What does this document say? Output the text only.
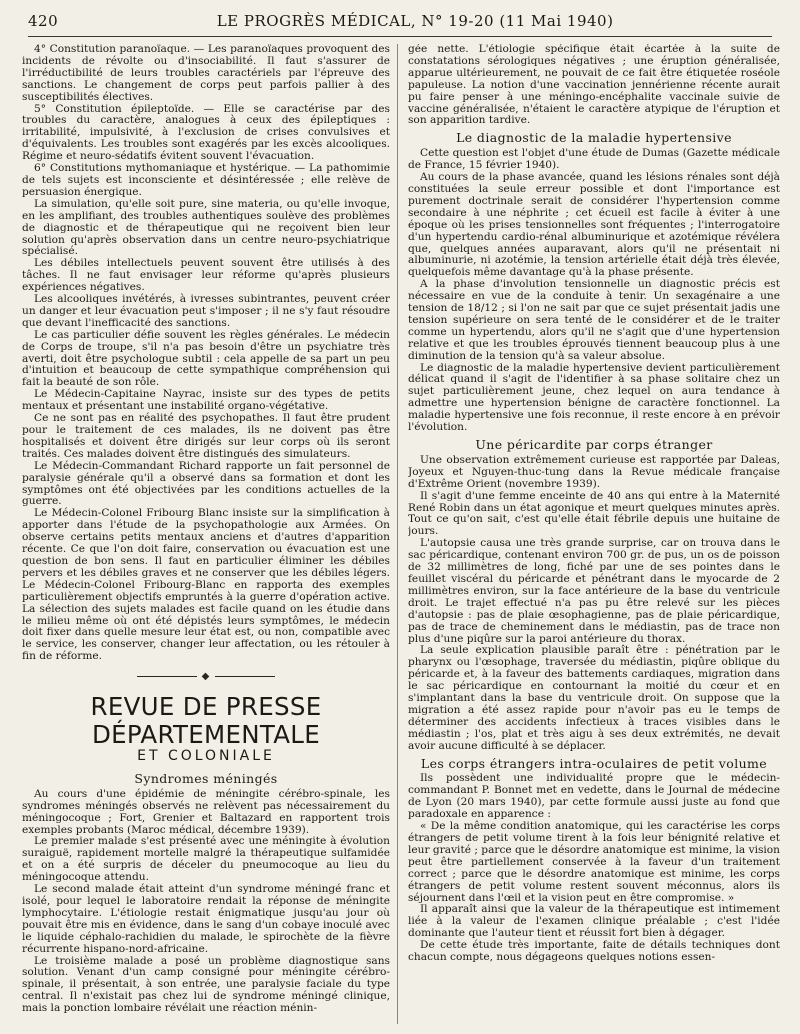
420	LE PROGRÈS MÉDICAL, N° 19-20 (11 Mai 1940)

4° Constitution paranoïaque. — Les paranoïaques provoquent des incidents de révolte ou d'insociabilité. Il faut s'assurer de l'irréductibilité de leurs troubles caractériels par l'épreuve des sanctions. Le changement de corps peut parfois pallier à des susceptibilités électives.

5° Constitution épileptoïde. — Elle se caractérise par des troubles du caractère, analogues à ceux des épileptiques : irritabilité, impulsivité, à l'exclusion de crises convulsives et d'équivalents. Les troubles sont exagérés par les excès alcooliques. Régime et neuro-sédatifs évitent souvent l'évacuation.

6° Constitutions mythomaniaque et hystérique. — La pathomimie de tels sujets est inconsciente et désintéressée ; elle relève de persuasion énergique.

La simulation, qu'elle soit pure, sine materia, ou qu'elle invoque, en les amplifiant, des troubles authentiques soulève des problèmes de diagnostic et de thérapeutique qui ne reçoivent bien leur solution qu'après observation dans un centre neuro-psychiatrique spécialisé.

Les débiles intellectuels peuvent souvent être utilisés à des tâches. Il ne faut envisager leur réforme qu'après plusieurs expériences négatives.

Les alcooliques invétérés, à ivresses subintrantes, peuvent créer un danger et leur évacuation peut s'imposer ; il ne s'y faut résoudre que devant l'inefficacité des sanctions.

Le cas particulier défie souvent les règles générales. Le médecin de Corps de troupe, s'il n'a pas besoin d'être un psychiatre très averti, doit être psychologue subtil : cela appelle de sa part un peu d'intuition et beaucoup de cette sympathique compréhension qui fait la beauté de son rôle.

Le Médecin-Capitaine Nayrac, insiste sur des types de petits mentaux et présentant une instabilité organo-végétative.

Ce ne sont pas en réalité des psychopathes. Il faut être prudent pour le traitement de ces malades, ils ne doivent pas être hospitalisés et doivent être dirigés sur leur corps où ils seront traités. Ces malades doivent être distingués des simulateurs.

Le Médecin-Commandant Richard rapporte un fait personnel de paralysie générale qu'il a observé dans sa formation et dont les symptômes ont été objectivées par les conditions actuelles de la guerre.

Le Médecin-Colonel Fribourg Blanc insiste sur la simplification à apporter dans l'étude de la psychopathologie aux Armées. On observe certains petits mentaux anciens et d'autres d'apparition récente. Ce que l'on doit faire, conservation ou évacuation est une question de bon sens. Il faut en particulier éliminer les débiles pervers et les débiles graves et ne conserver que les débiles légers. Le Médecin-Colonel Fribourg-Blanc en rapporta des exemples particulièrement objectifs empruntés à la guerre d'opération active. La sélection des sujets malades est facile quand on les étudie dans le milieu même où ont été dépistés leurs symptômes, le médecin doit fixer dans quelle mesure leur état est, ou non, compatible avec le service, les conserver, changer leur affectation, ou les rétouler à fin de réforme.

◆
REVUE DE PRESSE DÉPARTEMENTALE
ET COLONIALE
Syndromes méningés

Au cours d'une épidémie de méningite cérébro-spinale, les syndromes méningés observés ne relèvent pas nécessairement du méningocoque ; Fort, Grenier et Baltazard en rapportent trois exemples probants (Maroc médical, décembre 1939).

Le premier malade s'est présenté avec une méningite à évolution suraiguë, rapidement mortelle malgré la thérapeutique sulfamidée et on a été surpris de déceler du pneumocoque au lieu du méningocoque attendu.

Le second malade était atteint d'un syndrome méningé franc et isolé, pour lequel le laboratoire rendait la réponse de méningite lymphocytaire. L'étiologie restait énigmatique jusqu'au jour où pouvait être mis en évidence, dans le sang d'un cobaye inoculé avec le liquide céphalo-rachidien du malade, le spirochète de la fièvre récurrente hispano-nord-africaine.

Le troisième malade a posé un problème diagnostique sans solution. Venant d'un camp consigné pour méningite cérébro-spinale, il présentait, à son entrée, une paralysie faciale du type central. Il n'existait pas chez lui de syndrome méningé clinique, mais la ponction lombaire révélait une réaction ménin-

gée nette. L'étiologie spécifique était écartée à la suite de constatations sérologiques négatives ; une éruption généralisée, apparue ultérieurement, ne pouvait de ce fait être étiquetée roséole papuleuse. La notion d'une vaccination jennérienne récente aurait pu faire penser à une méningo-encéphalite vaccinale suivie de vaccine généralisée, n'étaient le caractère atypique de l'éruption et son apparition tardive.

Le diagnostic de la maladie hypertensive

Cette question est l'objet d'une étude de Dumas (Gazette médicale de France, 15 février 1940).

Au cours de la phase avancée, quand les lésions rénales sont déjà constituées la seule erreur possible et dont l'importance est purement doctrinale serait de considérer l'hypertension comme secondaire à une néphrite ; cet écueil est facile à éviter à une époque où les prises tensionnelles sont fréquentes ; l'interrogatoire d'un hypertendu cardio-rénal albuminurique et azotémique révélera que, quelques années auparavant, alors qu'il ne présentait ni albuminurie, ni azotémie, la tension artérielle était déjà très élevée, quelquefois même davantage qu'à la phase présente.

A la phase d'involution tensionnelle un diagnostic précis est nécessaire en vue de la conduite à tenir. Un sexagénaire a une tension de 18/12 ; si l'on ne sait par que ce sujet présentait jadis une tension supérieure on sera tenté de le considérer et de le traiter comme un hypertendu, alors qu'il ne s'agit que d'une hypertension relative et que les troubles éprouvés tiennent beaucoup plus à une diminution de la tension qu'à sa valeur absolue.

Le diagnostic de la maladie hypertensive devient particulièrement délicat quand il s'agit de l'identifier à sa phase solitaire chez un sujet particulièrement jeune, chez lequel on aura tendance à admettre une hypertension bénigne de caractère fonctionnel. La maladie hypertensive une fois reconnue, il reste encore à en prévoir l'évolution.

Une péricardite par corps étranger

Une observation extrêmement curieuse est rapportée par Daleas, Joyeux et Nguyen-thuc-tung dans la Revue médicale française d'Extrême Orient (novembre 1939).

Il s'agit d'une femme enceinte de 40 ans qui entre à la Maternité René Robin dans un état agonique et meurt quelques minutes après. Tout ce qu'on sait, c'est qu'elle était fébrile depuis une huitaine de jours.

L'autopsie causa une très grande surprise, car on trouva dans le sac péricardique, contenant environ 700 gr. de pus, un os de poisson de 32 millimètres de long, fiché par une de ses pointes dans le feuillet viscéral du péricarde et pénétrant dans le myocarde de 2 millimètres environ, sur la face antérieure de la base du ventricule droit. Le trajet effectué n'a pas pu être relevé sur les pièces d'autopsie : pas de plaie œsophagienne, pas de plaie péricardique, pas de trace de cheminement dans le médiastin, pas de trace non plus d'une piqûre sur la paroi antérieure du thorax.

La seule explication plausible paraît être : pénétration par le pharynx ou l'œsophage, traversée du médiastin, piqûre oblique du péricarde et, à la faveur des battements cardiaques, migration dans le sac péricardique en contournant la moitié du cœur et en s'implantant dans la base du ventricule droit. On suppose que la migration a été assez rapide pour n'avoir pas eu le temps de déterminer des accidents infectieux à traces visibles dans le médiastin ; l'os, plat et très aigu à ses deux extrémités, ne devait avoir aucune difficulté à se déplacer.

Les corps étrangers intra-oculaires de petit volume

Ils possèdent une individualité propre que le médecin-commandant P. Bonnet met en vedette, dans le Journal de médecine de Lyon (20 mars 1940), par cette formule aussi juste au fond que paradoxale en apparence :

« De la même condition anatomique, qui les caractérise les corps étrangers de petit volume tirent à la fois leur bénignité relative et leur gravité ; parce que le désordre anatomique est minime, la vision peut être partiellement conservée à la faveur d'un traitement correct ; parce que le désordre anatomique est minime, les corps étrangers de petit volume restent souvent méconnus, alors ils séjournent dans l'œil et la vision peut en être compromise. »

Il apparaît ainsi que la valeur de la thérapeutique est intimement liée à la valeur de l'examen clinique préalable ; c'est l'idée dominante que l'auteur tient et réussit fort bien à dégager.

De cette étude très importante, faite de détails techniques dont chacun compte, nous dégageons quelques notions essen-
